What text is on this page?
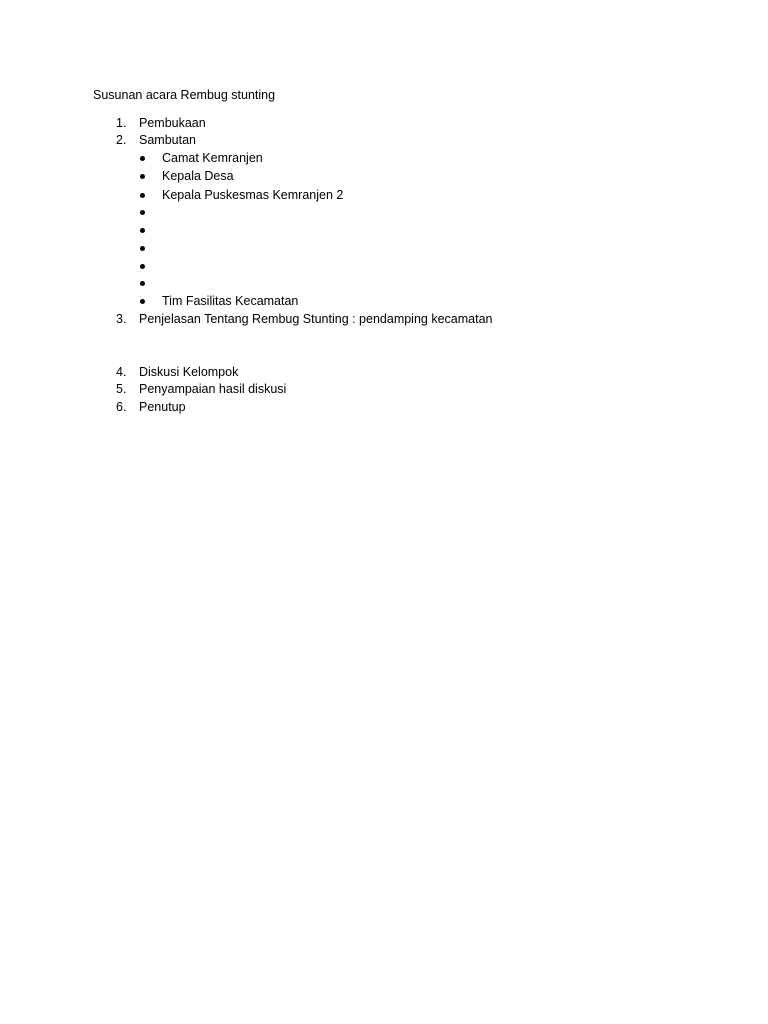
Susunan acara Rembug stunting
1.	Pembukaan
2.	Sambutan
Camat Kemranjen
Kepala Desa
Kepala Puskesmas Kemranjen 2
Tim Fasilitas Kecamatan
3.	Penjelasan Tentang Rembug Stunting : pendamping kecamatan
4.	Diskusi Kelompok
5.	Penyampaian hasil diskusi
6.	Penutup
